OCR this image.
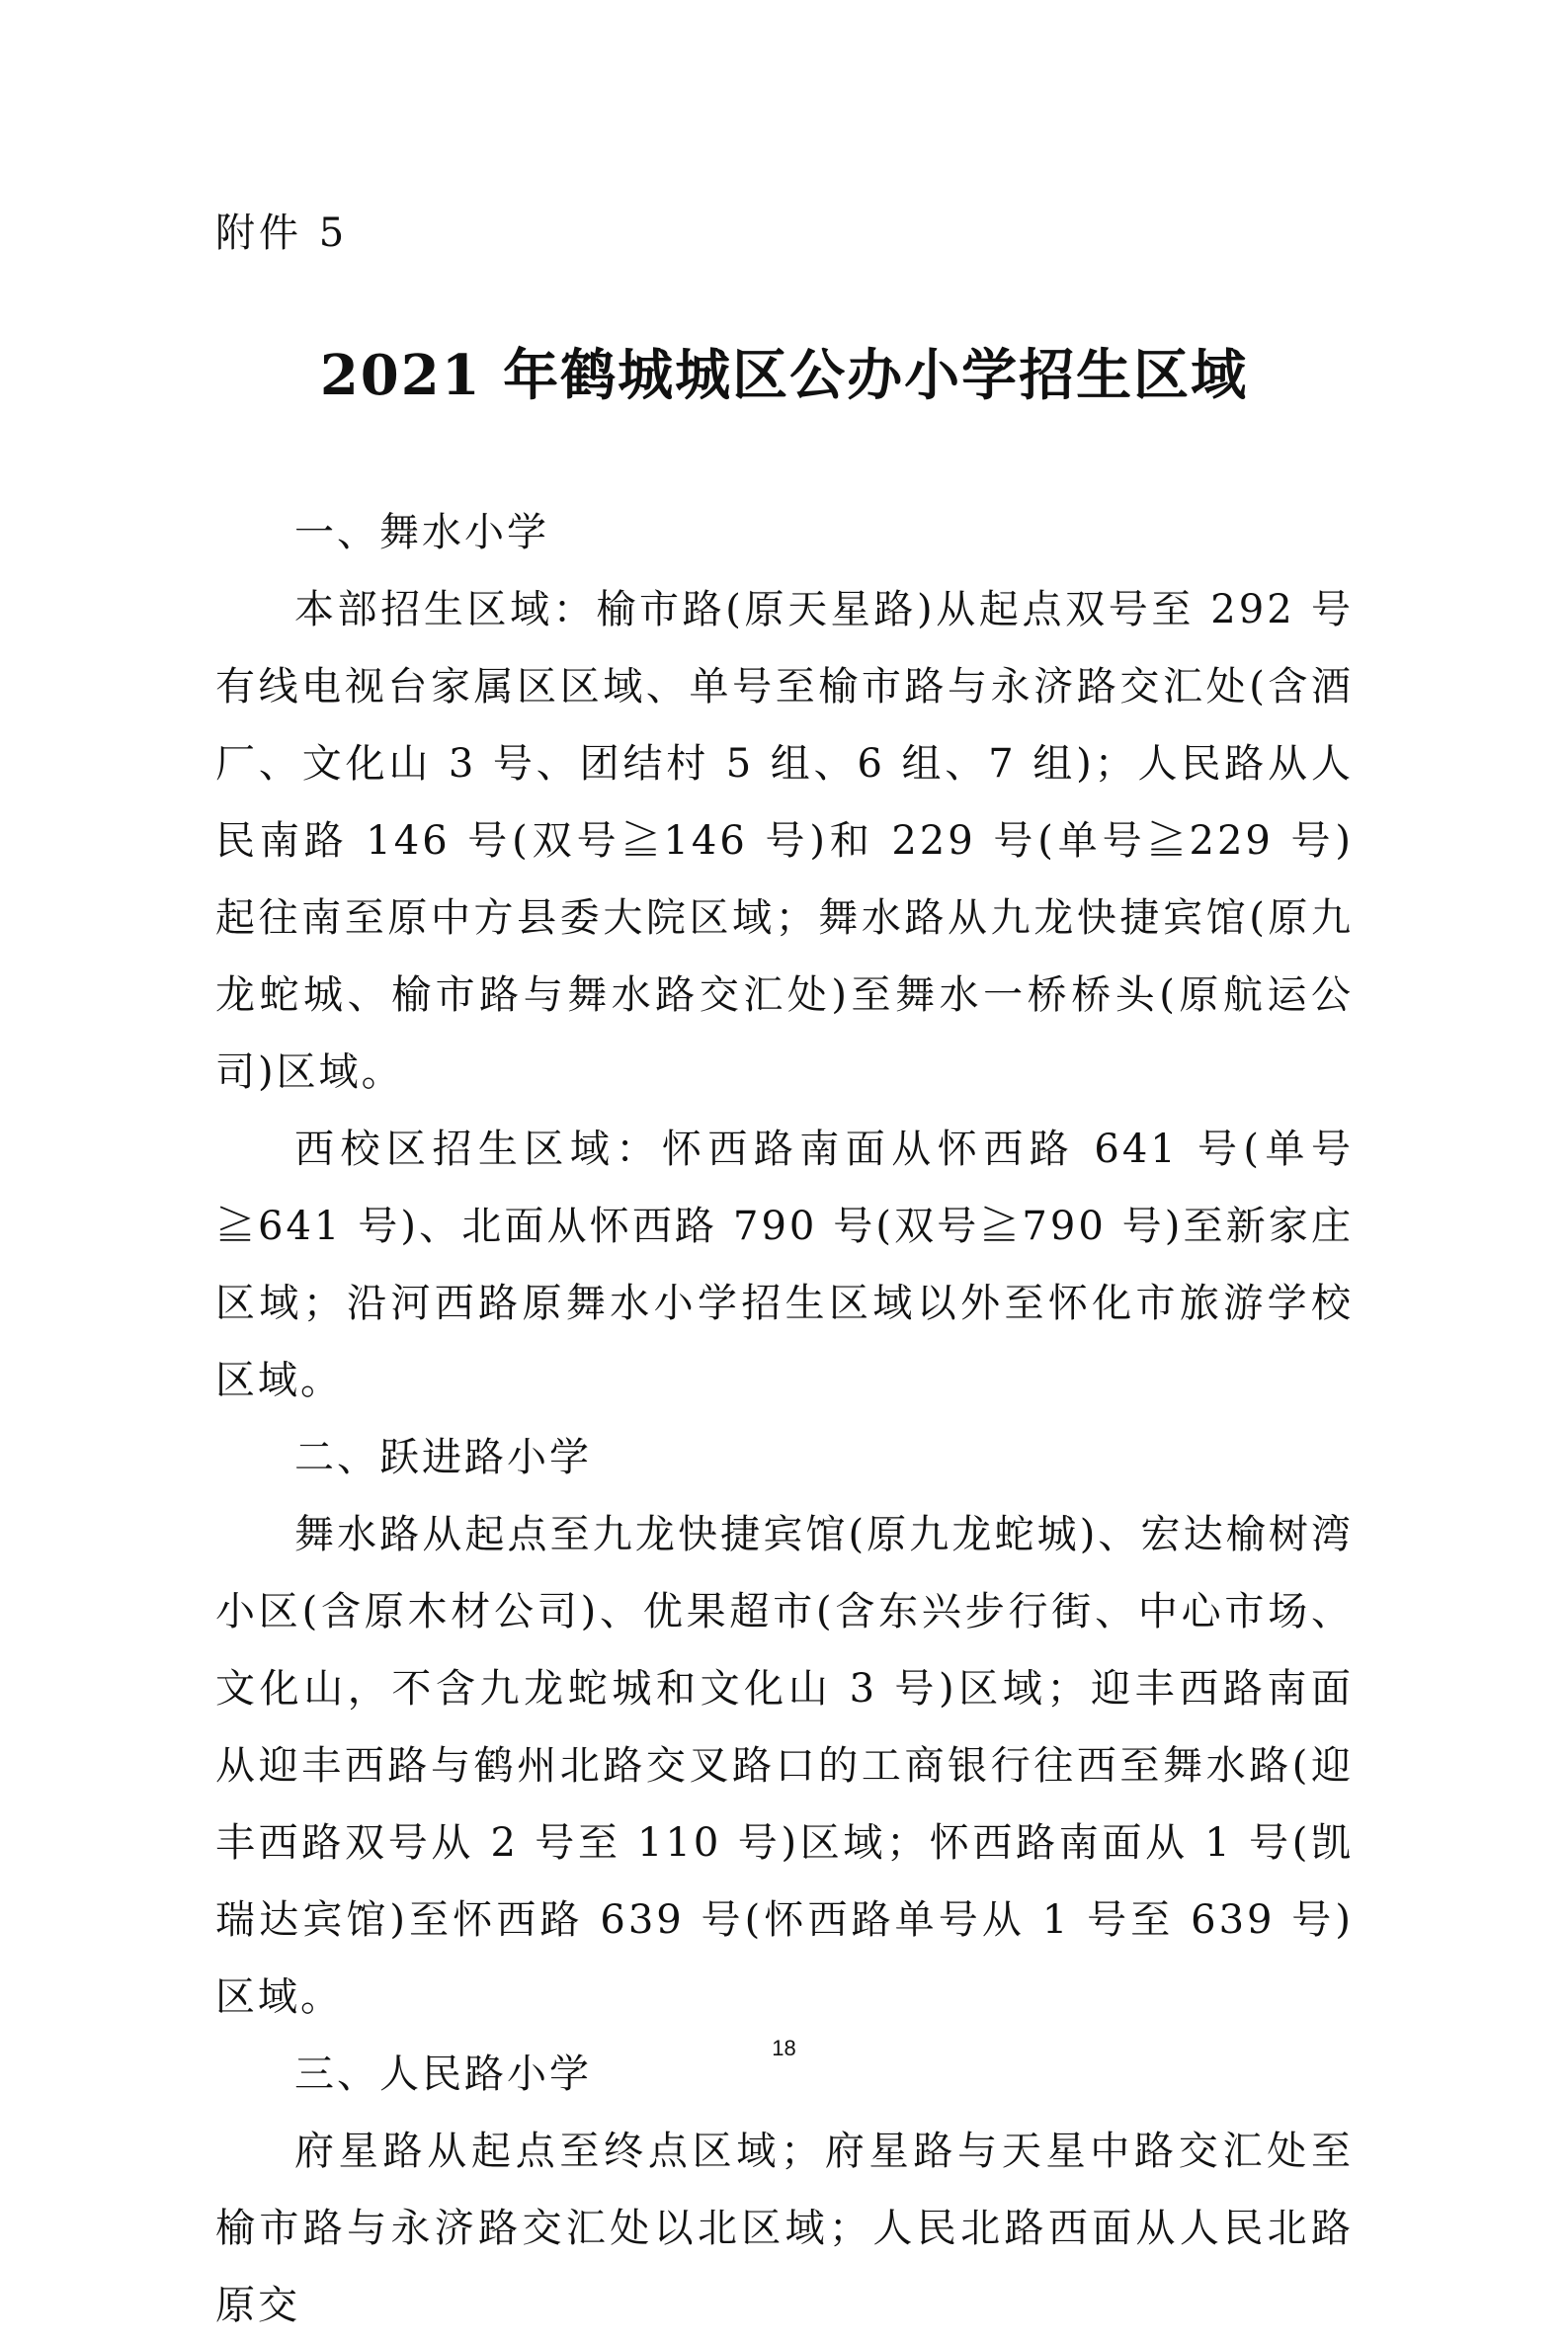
附件 5
2021 年鹤城城区公办小学招生区域

一、舞水小学

本部招生区域：榆市路(原天星路)从起点双号至 292 号有线电视台家属区区域、单号至榆市路与永济路交汇处(含酒厂、文化山 3 号、团结村 5 组、6 组、7 组)；人民路从人民南路 146 号(双号≧146 号)和 229 号(单号≧229 号)起往南至原中方县委大院区域；舞水路从九龙快捷宾馆(原九龙蛇城、榆市路与舞水路交汇处)至舞水一桥桥头(原航运公司)区域。

西校区招生区域：怀西路南面从怀西路 641 号(单号≧641 号)、北面从怀西路 790 号(双号≧790 号)至新家庄区域；沿河西路原舞水小学招生区域以外至怀化市旅游学校区域。

二、跃进路小学

舞水路从起点至九龙快捷宾馆(原九龙蛇城)、宏达榆树湾小区(含原木材公司)、优果超市(含东兴步行街、中心市场、文化山，不含九龙蛇城和文化山 3 号)区域；迎丰西路南面从迎丰西路与鹤州北路交叉路口的工商银行往西至舞水路(迎丰西路双号从 2 号至 110 号)区域；怀西路南面从 1 号(凯瑞达宾馆)至怀西路 639 号(怀西路单号从 1 号至 639 号)区域。

三、人民路小学

府星路从起点至终点区域；府星路与天星中路交汇处至榆市路与永济路交汇处以北区域；人民北路西面从人民北路原交

18
